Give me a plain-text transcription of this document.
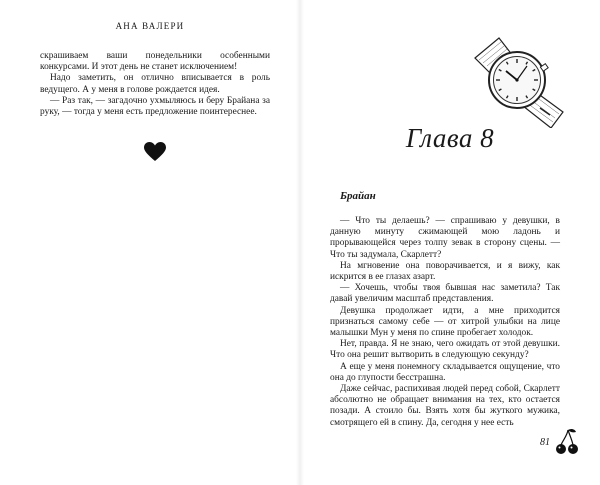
АНА ВАЛЕРИ

скрашиваем ваши понедельники особенными конкурсами. И этот день не станет исключением!

Надо заметить, он отлично вписывается в роль ведущего. А у меня в голове рождается идея.

— Раз так, — загадочно ухмыляюсь и беру Брайана за руку, — тогда у меня есть предложение поинтереснее.

Глава 8
Брайан

— Что ты делаешь? — спрашиваю у девушки, в данную минуту сжимающей мою ладонь и прорывающейся через толпу зевак в сторону сцены. — Что ты задумала, Скарлетт?

На мгновение она поворачивается, и я вижу, как искрится в ее глазах азарт.

— Хочешь, чтобы твоя бывшая нас заметила? Так давай увеличим масштаб представления.

Девушка продолжает идти, а мне приходится признаться самому себе — от хитрой улыбки на лице малышки Мун у меня по спине пробегает холодок.

Нет, правда. Я не знаю, чего ожидать от этой девушки. Что она решит вытворить в следующую секунду?

А еще у меня понемногу складывается ощущение, что она до глупости бесстрашна.

Даже сейчас, распихивая людей перед собой, Скарлетт абсолютно не обращает внимания на тех, кто остается позади. А стоило бы. Взять хотя бы жуткого мужика, смотрящего ей в спину. Да, сегодня у нее есть

81
